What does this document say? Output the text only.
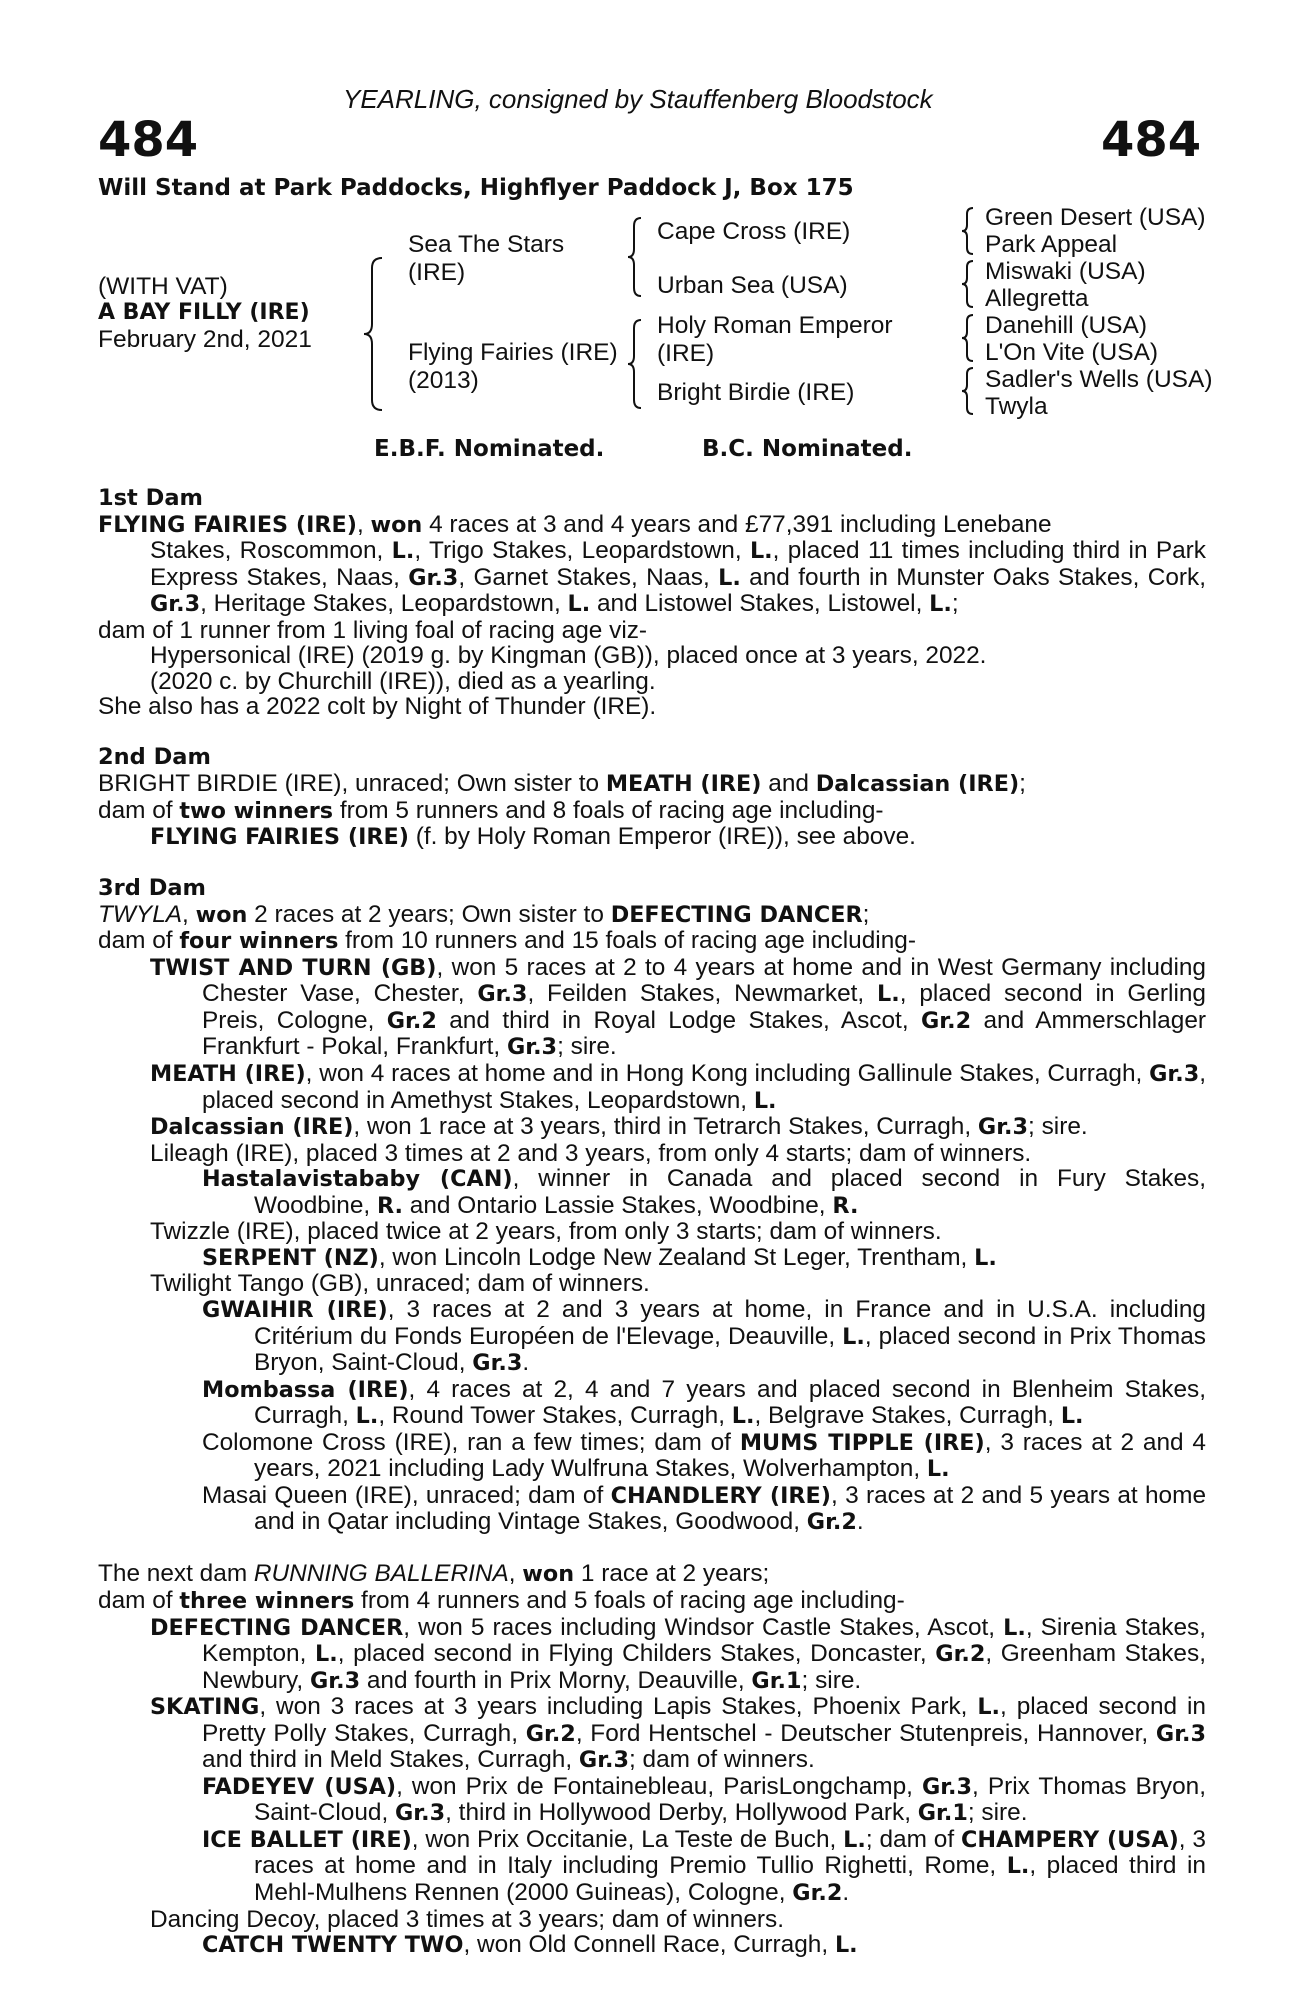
YEARLING, consigned by Stauffenberg Bloodstock
484	484
Will Stand at Park Paddocks, Highflyer Paddock J, Box 175
(WITH VAT)
A BAY FILLY (IRE)
February 2nd, 2021
Sea The Stars
(IRE)
Flying Fairies (IRE)
(2013)
Cape Cross (IRE)
Urban Sea (USA)
Holy Roman Emperor
(IRE)
Bright Birdie (IRE)
Green Desert (USA)
Park Appeal
Miswaki (USA)
Allegretta
Danehill (USA)
L'On Vite (USA)
Sadler's Wells (USA)
Twyla
E.B.F. Nominated.	B.C. Nominated.

1st Dam

FLYING FAIRIES (IRE), won 4 races at 3 and 4 years and £77,391 including Lenebane

Stakes, Roscommon, L., Trigo Stakes, Leopardstown, L., placed 11 times including third in Park Express Stakes, Naas, Gr.3, Garnet Stakes, Naas, L. and fourth in Munster Oaks Stakes, Cork, Gr.3, Heritage Stakes, Leopardstown, L. and Listowel Stakes, Listowel, L.;

dam of 1 runner from 1 living foal of racing age viz-

Hypersonical (IRE) (2019 g. by Kingman (GB)), placed once at 3 years, 2022.

(2020 c. by Churchill (IRE)), died as a yearling.

She also has a 2022 colt by Night of Thunder (IRE).

2nd Dam

BRIGHT BIRDIE (IRE), unraced; Own sister to MEATH (IRE) and Dalcassian (IRE);

dam of two winners from 5 runners and 8 foals of racing age including-

FLYING FAIRIES (IRE) (f. by Holy Roman Emperor (IRE)), see above.

3rd Dam

TWYLA, won 2 races at 2 years; Own sister to DEFECTING DANCER;

dam of four winners from 10 runners and 15 foals of racing age including-

TWIST AND TURN (GB), won 5 races at 2 to 4 years at home and in West Germany including Chester Vase, Chester, Gr.3, Feilden Stakes, Newmarket, L., placed second in Gerling Preis, Cologne, Gr.2 and third in Royal Lodge Stakes, Ascot, Gr.2 and Ammerschlager Frankfurt - Pokal, Frankfurt, Gr.3; sire.

MEATH (IRE), won 4 races at home and in Hong Kong including Gallinule Stakes, Curragh, Gr.3, placed second in Amethyst Stakes, Leopardstown, L.

Dalcassian (IRE), won 1 race at 3 years, third in Tetrarch Stakes, Curragh, Gr.3; sire.

Lileagh (IRE), placed 3 times at 2 and 3 years, from only 4 starts; dam of winners.

Hastalavistababy (CAN), winner in Canada and placed second in Fury Stakes, Woodbine, R. and Ontario Lassie Stakes, Woodbine, R.

Twizzle (IRE), placed twice at 2 years, from only 3 starts; dam of winners.

SERPENT (NZ), won Lincoln Lodge New Zealand St Leger, Trentham, L.

Twilight Tango (GB), unraced; dam of winners.

GWAIHIR (IRE), 3 races at 2 and 3 years at home, in France and in U.S.A. including Critérium du Fonds Européen de l'Elevage, Deauville, L., placed second in Prix Thomas Bryon, Saint-Cloud, Gr.3.

Mombassa (IRE), 4 races at 2, 4 and 7 years and placed second in Blenheim Stakes, Curragh, L., Round Tower Stakes, Curragh, L., Belgrave Stakes, Curragh, L.

Colomone Cross (IRE), ran a few times; dam of MUMS TIPPLE (IRE), 3 races at 2 and 4 years, 2021 including Lady Wulfruna Stakes, Wolverhampton, L.

Masai Queen (IRE), unraced; dam of CHANDLERY (IRE), 3 races at 2 and 5 years at home and in Qatar including Vintage Stakes, Goodwood, Gr.2.

The next dam RUNNING BALLERINA, won 1 race at 2 years;

dam of three winners from 4 runners and 5 foals of racing age including-

DEFECTING DANCER, won 5 races including Windsor Castle Stakes, Ascot, L., Sirenia Stakes, Kempton, L., placed second in Flying Childers Stakes, Doncaster, Gr.2, Greenham Stakes, Newbury, Gr.3 and fourth in Prix Morny, Deauville, Gr.1; sire.

SKATING, won 3 races at 3 years including Lapis Stakes, Phoenix Park, L., placed second in Pretty Polly Stakes, Curragh, Gr.2, Ford Hentschel - Deutscher Stutenpreis, Hannover, Gr.3 and third in Meld Stakes, Curragh, Gr.3; dam of winners.

FADEYEV (USA), won Prix de Fontainebleau, ParisLongchamp, Gr.3, Prix Thomas Bryon, Saint-Cloud, Gr.3, third in Hollywood Derby, Hollywood Park, Gr.1; sire.

ICE BALLET (IRE), won Prix Occitanie, La Teste de Buch, L.; dam of CHAMPERY (USA), 3 races at home and in Italy including Premio Tullio Righetti, Rome, L., placed third in Mehl-Mulhens Rennen (2000 Guineas), Cologne, Gr.2.

Dancing Decoy, placed 3 times at 3 years; dam of winners.

CATCH TWENTY TWO, won Old Connell Race, Curragh, L.
